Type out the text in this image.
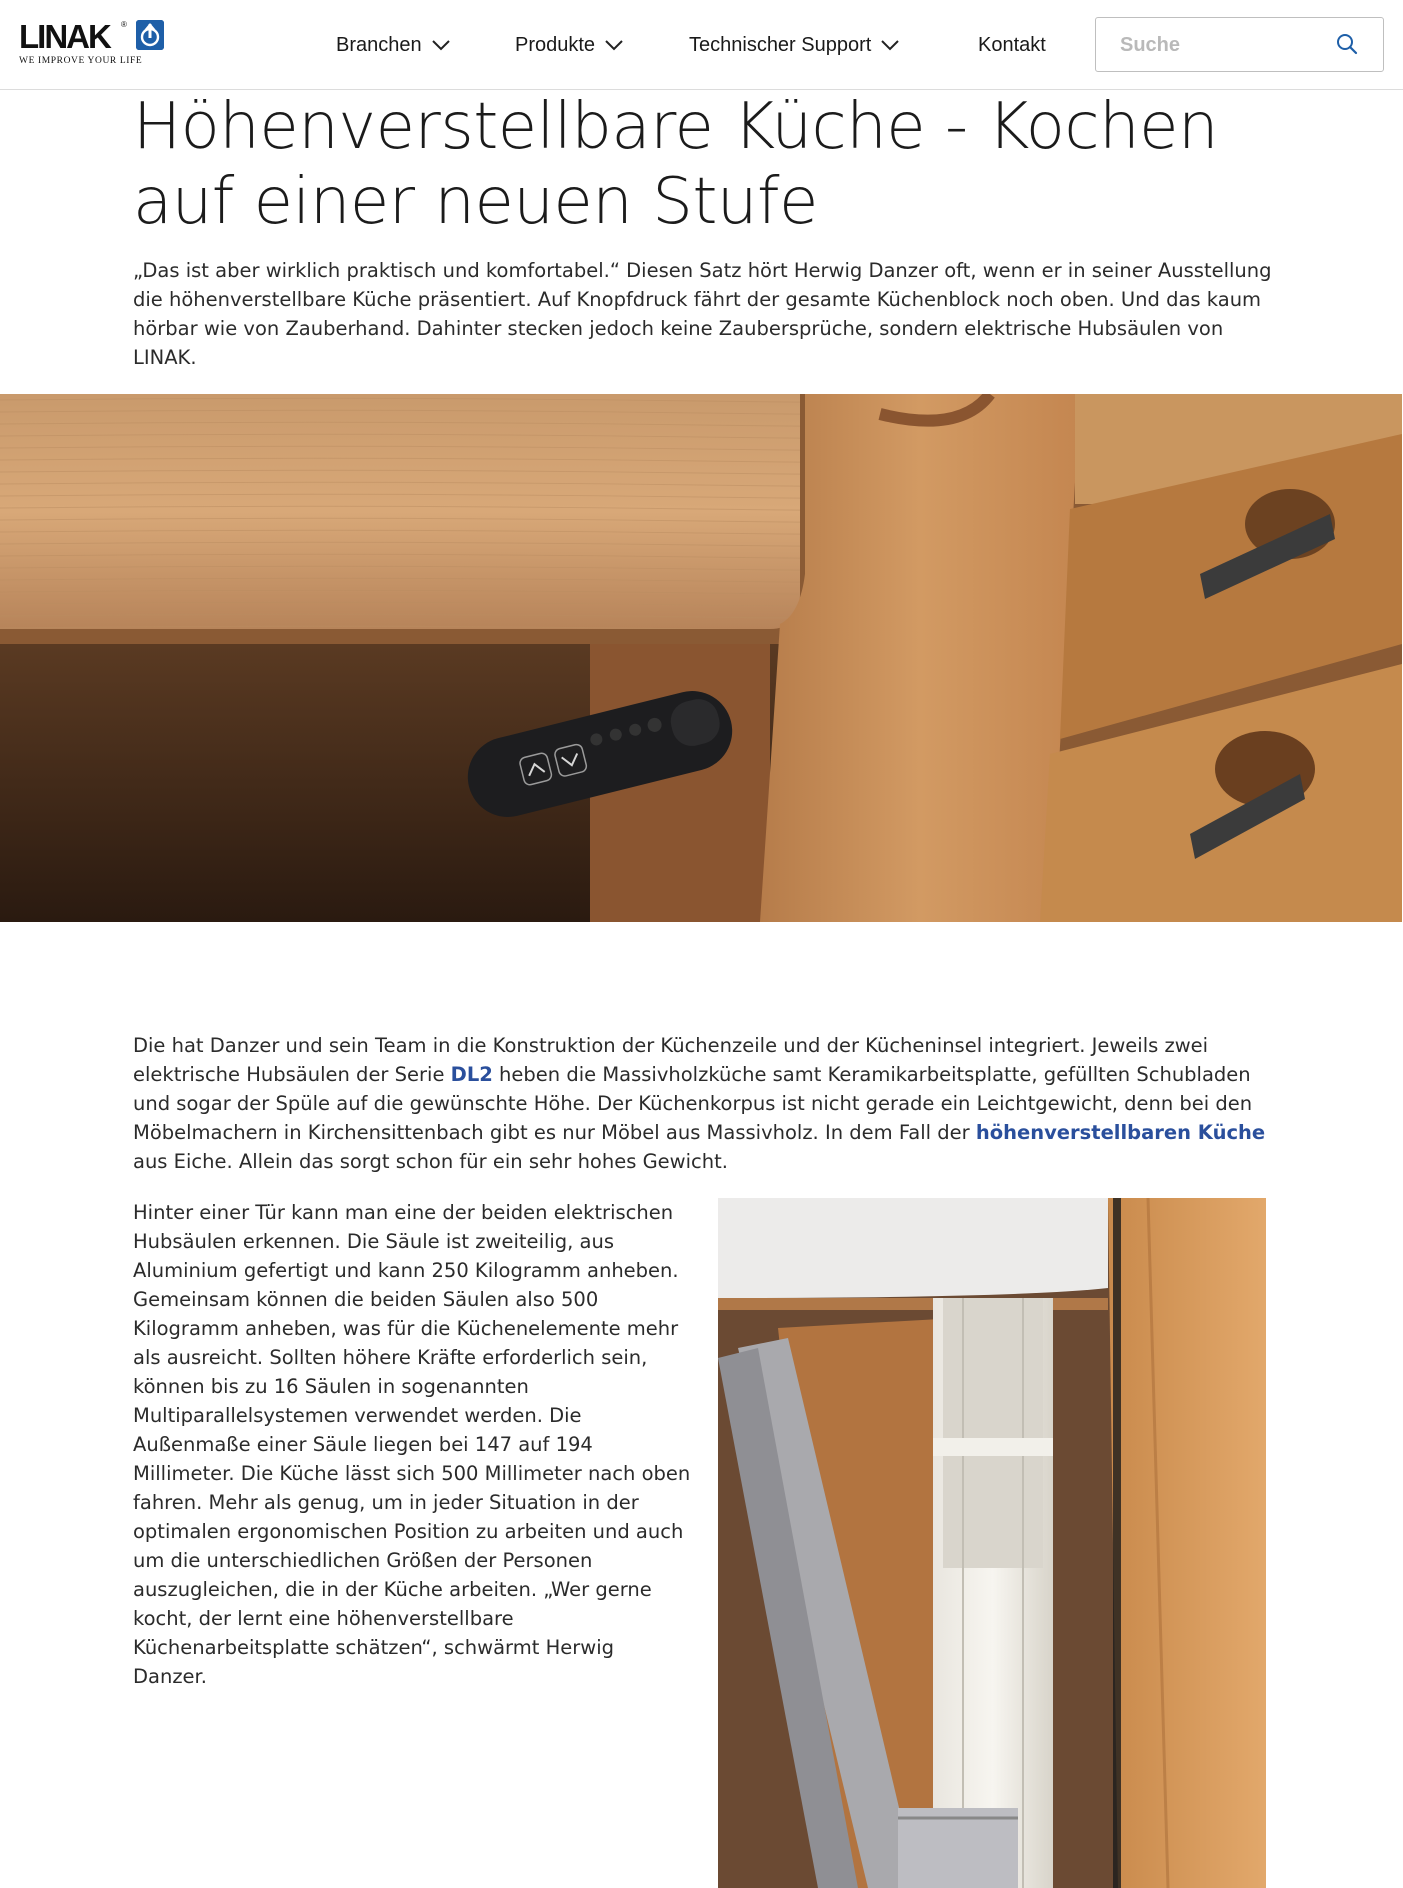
LINAK ®
WE IMPROVE YOUR LIFE
Branchen	Produkte	Technischer Support	Kontakt
Suche
Höhenverstellbare Küche - Kochen auf einer neuen Stufe

„Das ist aber wirklich praktisch und komfortabel.“ Diesen Satz hört Herwig Danzer oft, wenn er in seiner Ausstellung die höhenverstellbare Küche präsentiert. Auf Knopfdruck fährt der gesamte Küchenblock noch oben. Und das kaum hörbar wie von Zauberhand. Dahinter stecken jedoch keine Zaubersprüche, sondern elektrische Hubsäulen von LINAK.

Die hat Danzer und sein Team in die Konstruktion der Küchenzeile und der Kücheninsel integriert. Jeweils zwei elektrische Hubsäulen der Serie DL2 heben die Massivholzküche samt Keramikarbeitsplatte, gefüllten Schubladen und sogar der Spüle auf die gewünschte Höhe. Der Küchenkorpus ist nicht gerade ein Leichtgewicht, denn bei den Möbelmachern in Kirchensittenbach gibt es nur Möbel aus Massivholz. In dem Fall der höhenverstellbaren Küche aus Eiche. Allein das sorgt schon für ein sehr hohes Gewicht.

Hinter einer Tür kann man eine der beiden elektrischen Hubsäulen erkennen. Die Säule ist zweiteilig, aus Aluminium gefertigt und kann 250 Kilogramm anheben. Gemeinsam können die beiden Säulen also 500 Kilogramm anheben, was für die Küchenelemente mehr als ausreicht. Sollten höhere Kräfte erforderlich sein, können bis zu 16 Säulen in sogenannten Multiparallelsystemen verwendet werden. Die Außenmaße einer Säule liegen bei 147 auf 194 Millimeter. Die Küche lässt sich 500 Millimeter nach oben fahren. Mehr als genug, um in jeder Situation in der optimalen ergonomischen Position zu arbeiten und auch um die unterschiedlichen Größen der Personen auszugleichen, die in der Küche arbeiten. „Wer gerne kocht, der lernt eine höhenverstellbare Küchenarbeitsplatte schätzen“, schwärmt Herwig Danzer.
